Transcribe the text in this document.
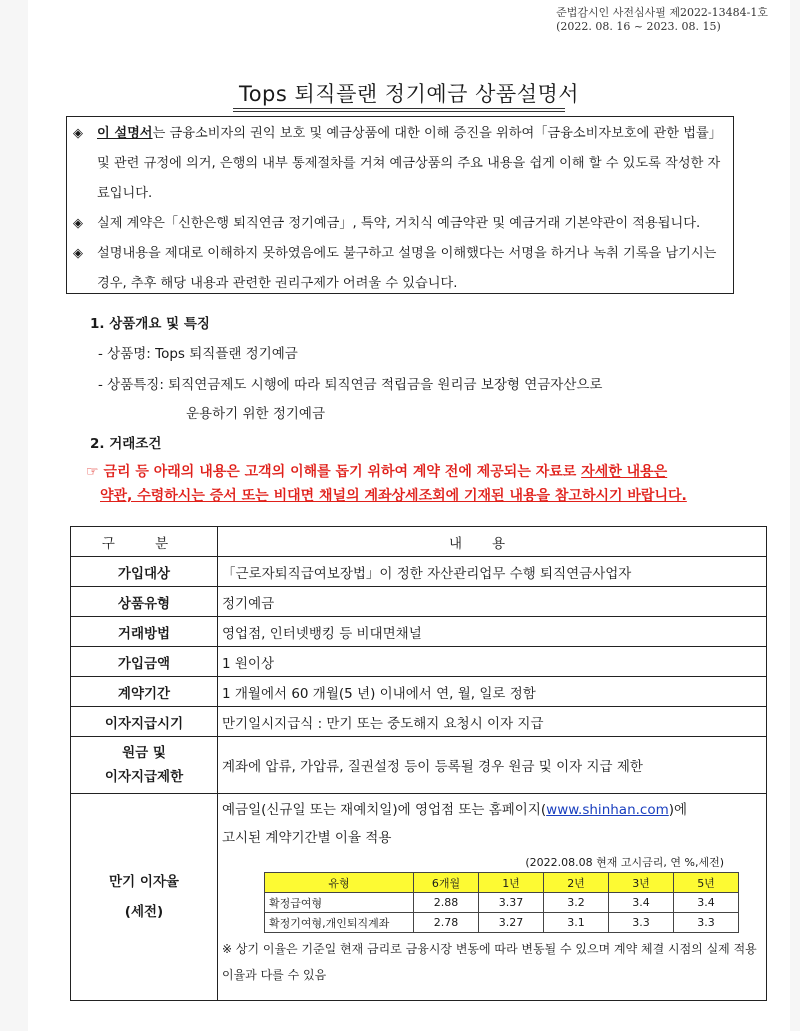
준법감시인 사전심사필 제2022-13484-1호
(2022. 08. 16 ~ 2023. 08. 15)
Tops 퇴직플랜 정기예금 상품설명서
◈ 이 설명서는 금융소비자의 권익 보호 및 예금상품에 대한 이해 증진을 위하여「금융소비자보호에 관한 법률」및 관련 규정에 의거, 은행의 내부 통제절차를 거쳐 예금상품의 주요 내용을 쉽게 이해 할 수 있도록 작성한 자료입니다.
◈ 실제 계약은「신한은행 퇴직연금 정기예금」, 특약, 거치식 예금약관 및 예금거래 기본약관이 적용됩니다.
◈ 설명내용을 제대로 이해하지 못하였음에도 불구하고 설명을 이해했다는 서명을 하거나 녹취 기록을 남기시는 경우, 추후 해당 내용과 관련한 권리구제가 어려울 수 있습니다.
1. 상품개요 및 특징
- 상품명: Tops 퇴직플랜 정기예금
- 상품특징: 퇴직연금제도 시행에 따라 퇴직연금 적립금을 원리금 보장형 연금자산으로
운용하기 위한 정기예금
2. 거래조건
☞ 금리 등 아래의 내용은 고객의 이해를 돕기 위하여 계약 전에 제공되는 자료로 자세한 내용은
약관, 수령하시는 증서 또는 비대면 채널의 계좌상세조회에 기재된 내용을 참고하시기 바랍니다.
구 분	내용
가입대상	「근로자퇴직급여보장법」이 정한 자산관리업무 수행 퇴직연금사업자
상품유형	정기예금
거래방법	영업점, 인터넷뱅킹 등 비대면채널
가입금액	1 원이상
계약기간	1 개월에서 60 개월(5 년) 이내에서 연, 월, 일로 정함
이자지급시기	만기일시지급식 : 만기 또는 중도해지 요청시 이자 지급

원금 및
이자지급제한
	계좌에 압류, 가압류, 질권설정 등이 등록될 경우 원금 및 이자 지급 제한

만기 이자율
(세전)

예금일(신규일 또는 재예치일)에 영업점 또는 홈페이지(www.shinhan.com)에
고시된 계약기간별 이율 적용
(2022.08.08 현재 고시금리, 연 %,세전)
유형	6개월	1년	2년	3년	5년
확정급여형	2.88	3.37	3.2	3.4	3.4
확정기여형,개인퇴직계좌	2.78	3.27	3.1	3.3	3.3
※ 상기 이율은 기준일 현재 금리로 금융시장 변동에 따라 변동될 수 있으며 계약 체결 시점의 실제 적용이율과 다를 수 있음
